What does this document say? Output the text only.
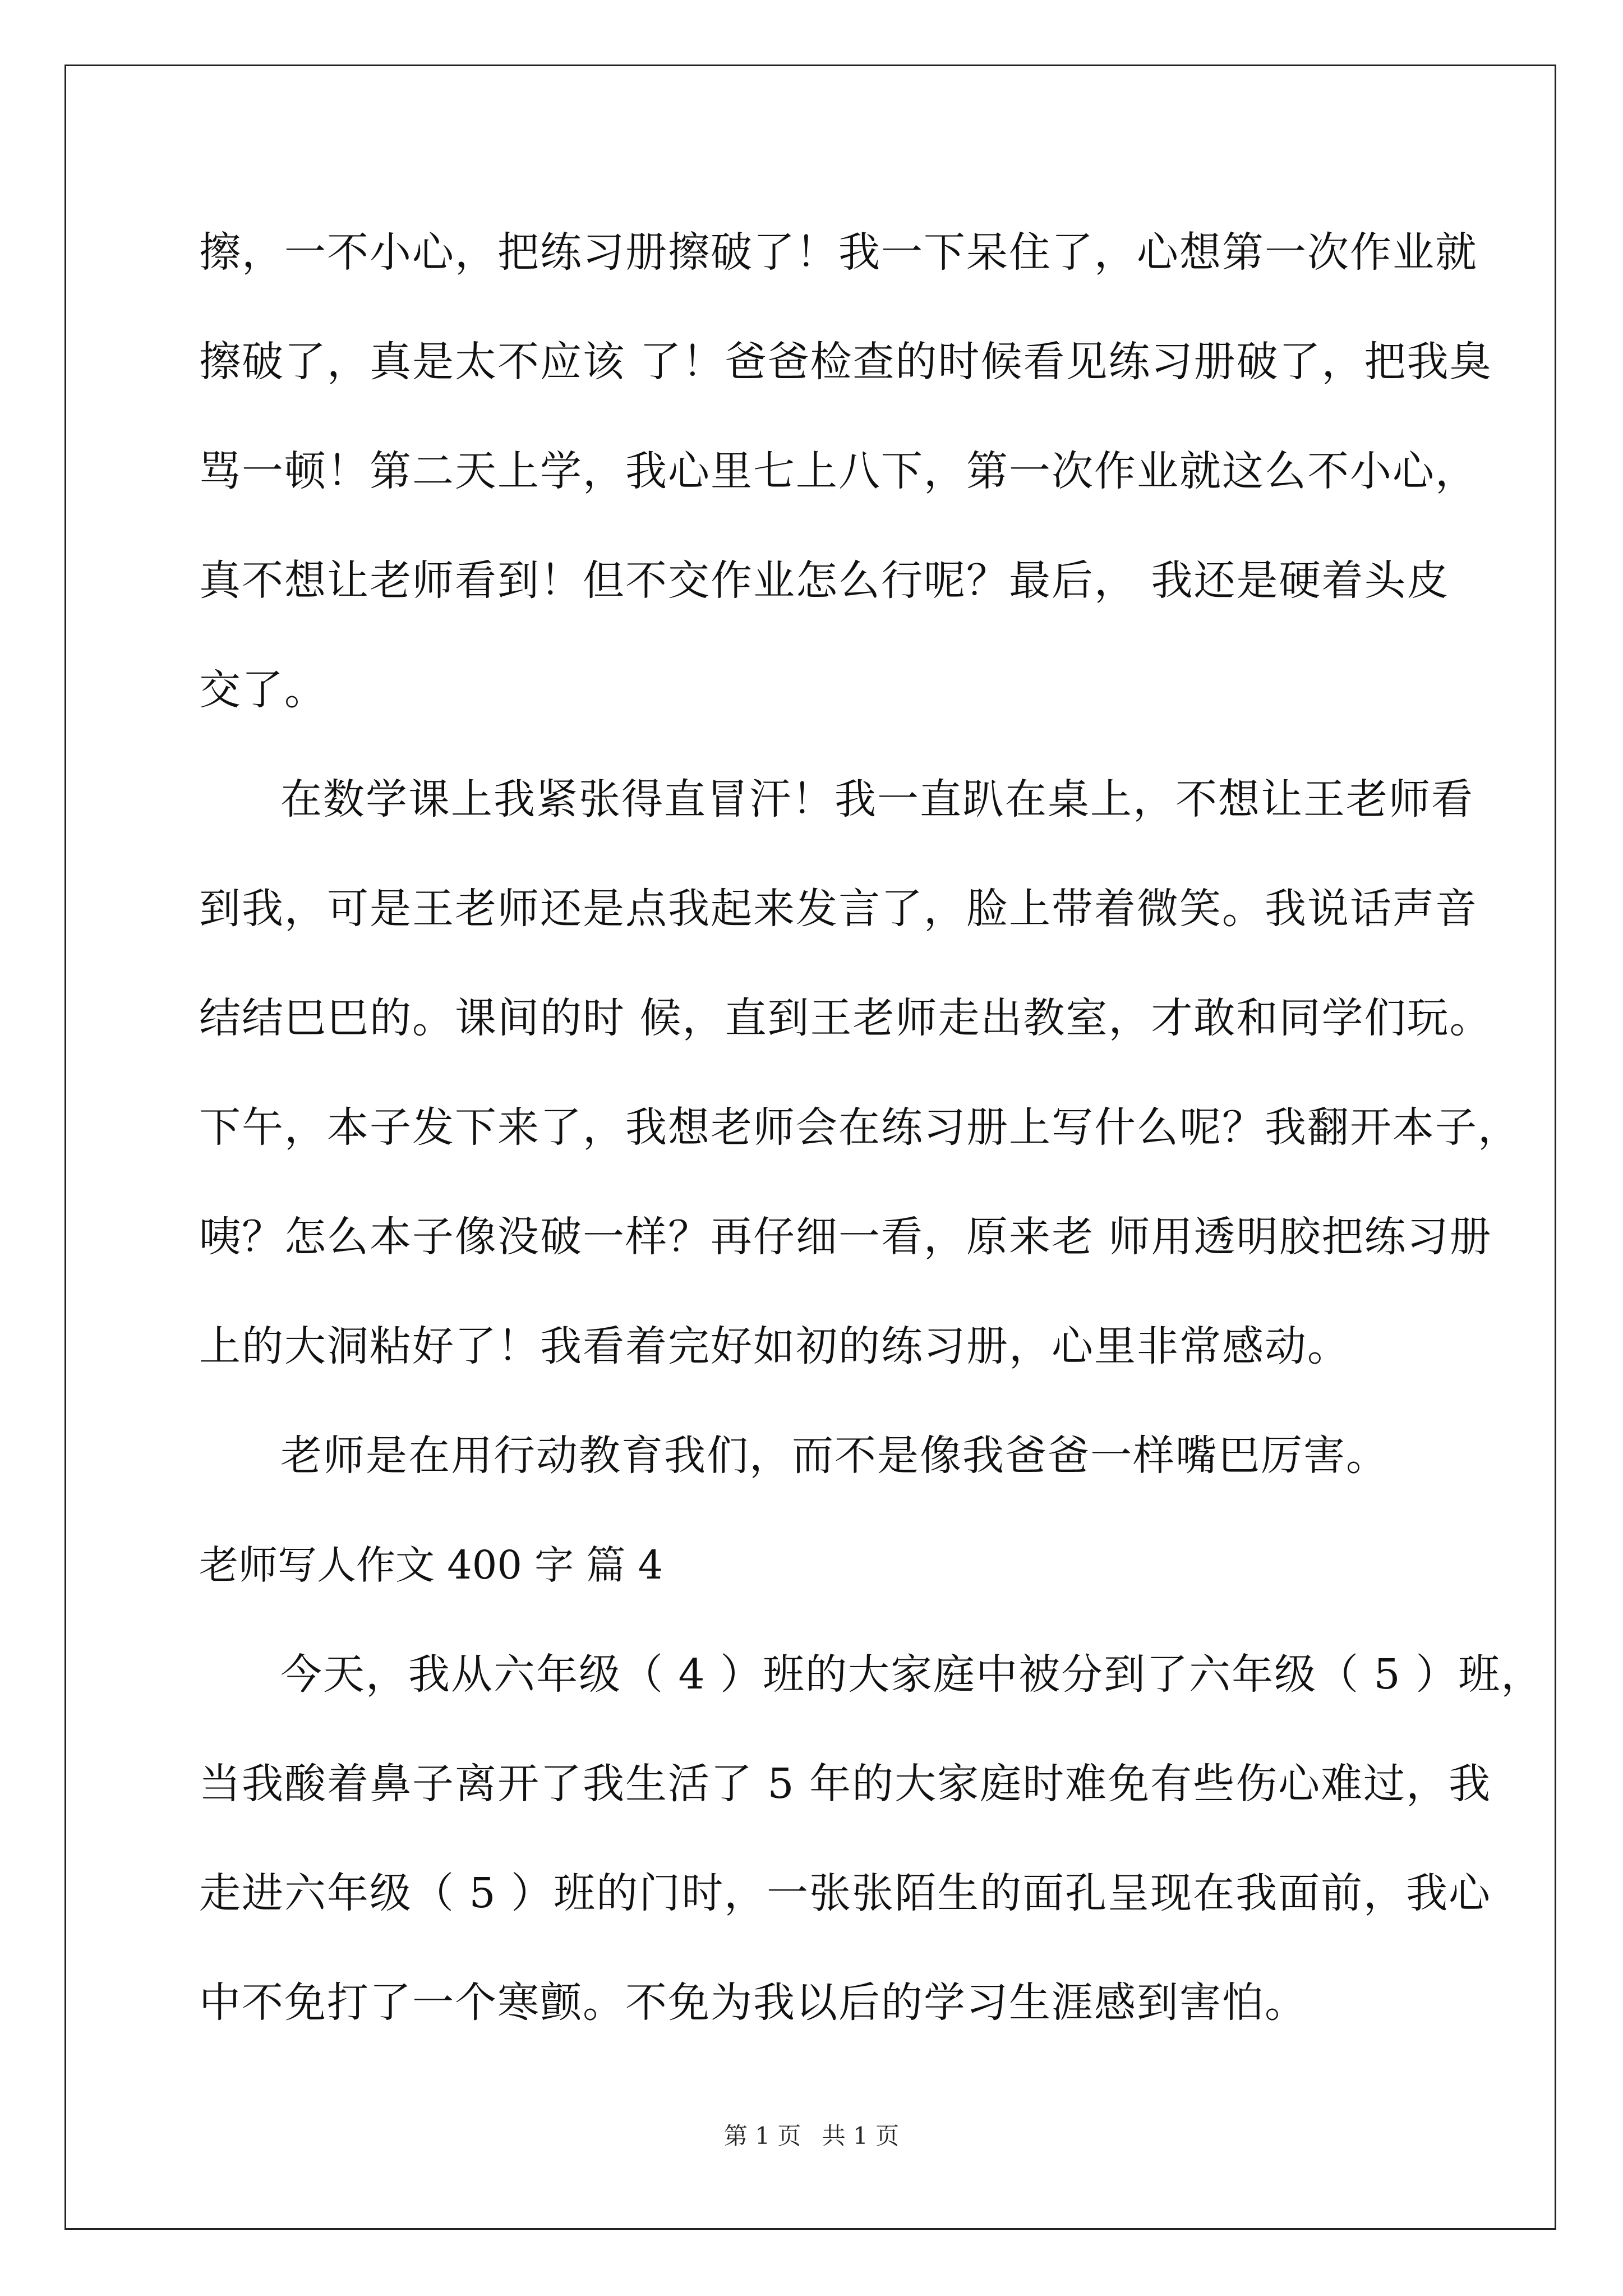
擦，一不小心，把练习册擦破了！我一下呆住了，心想第一次作业就
擦破了，真是太不应该 了！爸爸检查的时候看见练习册破了，把我臭
骂一顿！第二天上学，我心里七上八下，第一次作业就这么不小心，
真不想让老师看到！但不交作业怎么行呢？最后， 我还是硬着头皮
交了。
在数学课上我紧张得直冒汗！我一直趴在桌上，不想让王老师看
到我，可是王老师还是点我起来发言了，脸上带着微笑。我说话声音
结结巴巴的。课间的时 候，直到王老师走出教室，才敢和同学们玩。
下午，本子发下来了，我想老师会在练习册上写什么呢？我翻开本子，
咦？怎么本子像没破一样？再仔细一看，原来老 师用透明胶把练习册
上的大洞粘好了！我看着完好如初的练习册，心里非常感动。
老师是在用行动教育我们，而不是像我爸爸一样嘴巴厉害。
老师写人作文 400 字 篇 4
今天，我从六年级（ 4 ）班的大家庭中被分到了六年级（ 5 ）班，
当我酸着鼻子离开了我生活了 5 年的大家庭时难免有些伤心难过，我
走进六年级（ 5 ）班的门时，一张张陌生的面孔呈现在我面前，我心
中不免打了一个寒颤。不免为我以后的学习生涯感到害怕。
第 1 页 共 1 页
